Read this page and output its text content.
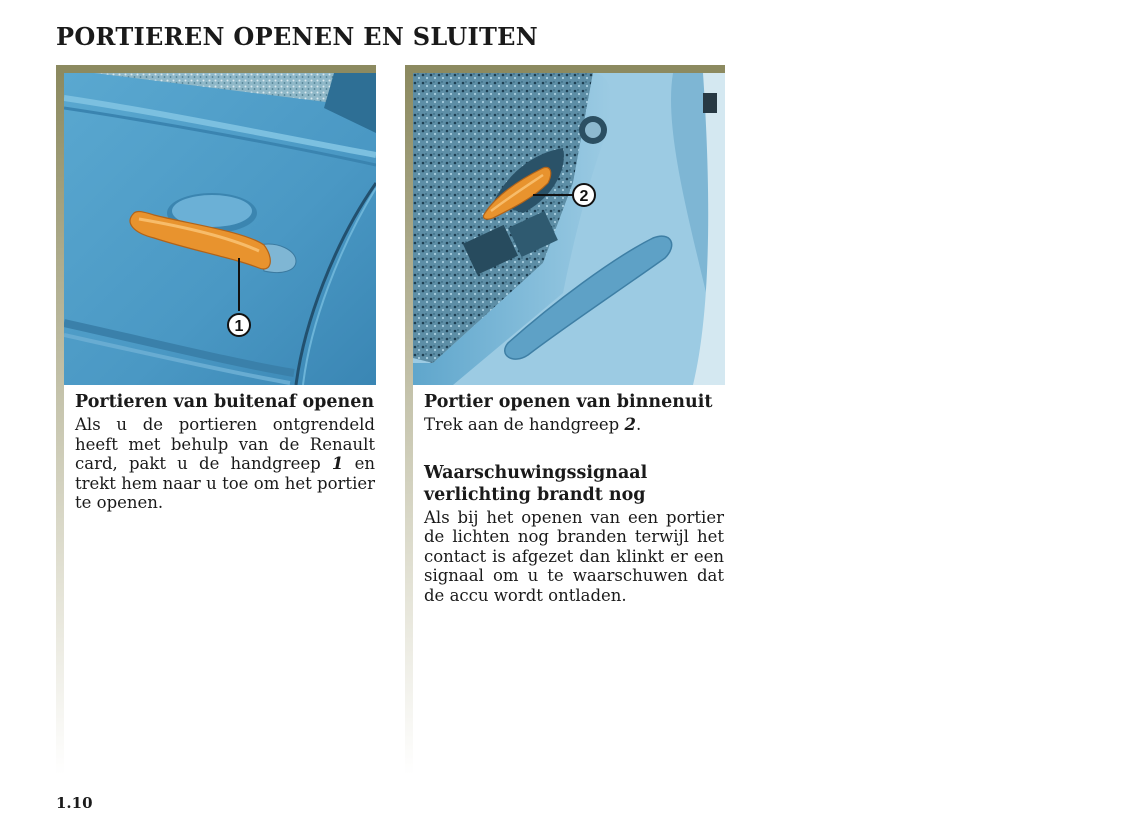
PORTIEREN OPENEN EN SLUITEN
1
Portieren van buitenaf openen

Als u de portieren ontgrendeld heeft met behulp van de Renault card, pakt u de handgreep 1 en trekt hem naar u toe om het portier te openen.

2
Portier openen van binnenuit

Trek aan de handgreep 2.

Waarschuwingssignaal verlichting brandt nog

Als bij het openen van een portier de lichten nog branden terwijl het contact is afgezet dan klinkt er een signaal om u te waarschuwen dat de accu wordt ontladen.

1.10
